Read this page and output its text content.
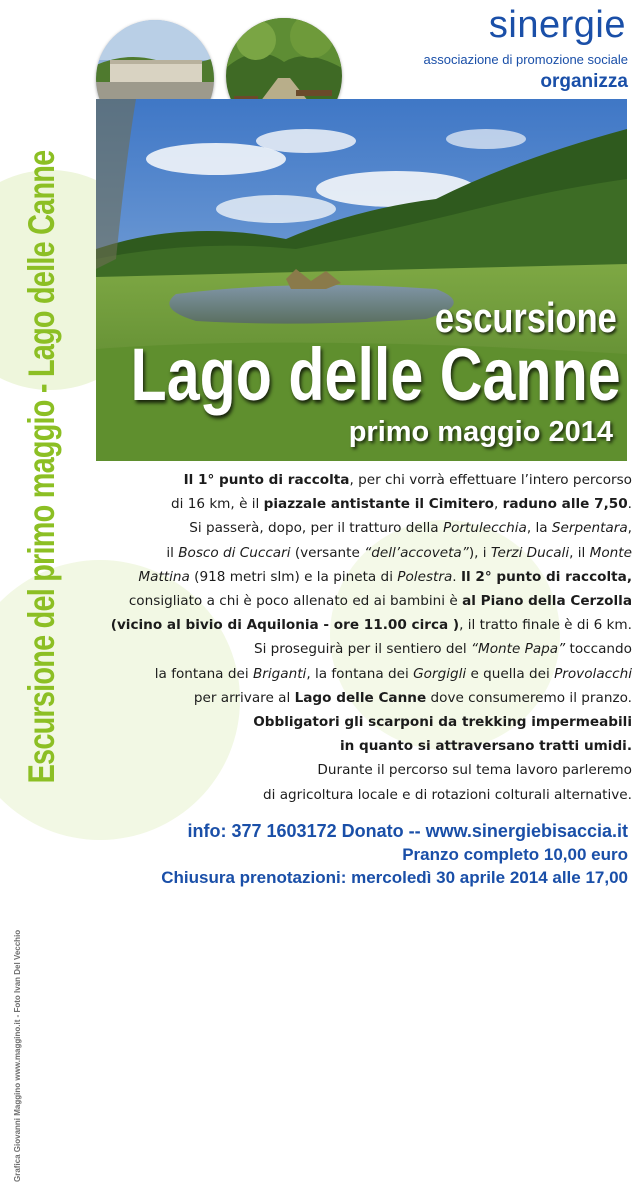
Escursione del primo maggio - Lago delle Canne
Grafica Giovanni Maggino www.maggino.it - Foto Ivan Del Vecchio
sinergie
associazione di promozione sociale
organizza
escursione
Lago delle Canne
primo maggio 2014
Il 1° punto di raccolta, per chi vorrà effettuare l’intero percorso
di 16 km, è il piazzale antistante il Cimitero, raduno alle 7,50.
Si passerà, dopo, per il tratturo della Portulecchia, la Serpentara,
il Bosco di Cuccari (versante “dell’accoveta”), i Terzi Ducali, il Monte
Mattina (918 metri slm) e la pineta di Polestra. Il 2° punto di raccolta,
consigliato a chi è poco allenato ed ai bambini è al Piano della Cerzolla
(vicino al bivio di Aquilonia - ore 11.00 circa ), il tratto finale è di 6 km.
Si proseguirà per il sentiero del “Monte Papa” toccando
la fontana dei Briganti, la fontana dei Gorgigli e quella dei Provolacchi
per arrivare al Lago delle Canne dove consumeremo il pranzo.
Obbligatori gli scarponi da trekking impermeabili
in quanto si attraversano tratti umidi.
Durante il percorso sul tema lavoro parleremo
di agricoltura locale e di rotazioni colturali alternative.
info: 377 1603172 Donato -- www.sinergiebisaccia.it
Pranzo completo 10,00 euro
Chiusura prenotazioni: mercoledì 30 aprile 2014 alle 17,00
